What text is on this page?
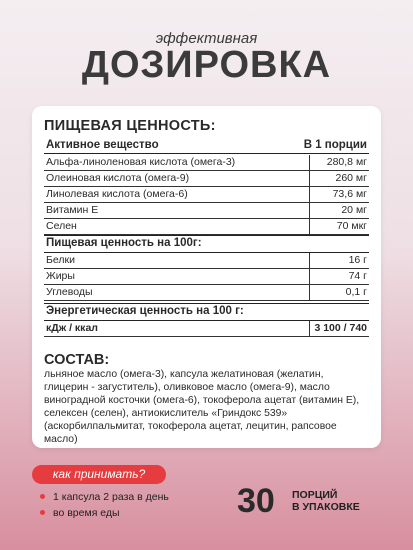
эффективная
ДОЗИРОВКА
ПИЩЕВАЯ ЦЕННОСТЬ:
Активное вещество	В 1 порции
Альфа-линоленовая кислота (омега-3)	280,8 мг
Олеиновая кислота (омега-9)	260 мг
Линолевая кислота (омега-6)	73,6 мг
Витамин Е	20 мг
Селен	70 мкг
Пищевая ценность на 100г:
Белки	16 г
Жиры	74 г
Углеводы	0,1 г
Энергетическая ценность на 100 г:
кДж / ккал	3 100 / 740
СОСТАВ:
льняное масло (омега-3), капсула желатиновая (желатин, глицерин - загуститель), оливковое масло (омега-9), масло виноградной косточки (омега-6), токоферола ацетат (витамин Е), селексен (селен), антиокислитель «Гриндокс 539» (аскорбилпальмитат, токоферола ацетат, лецитин, рапсовое масло)
как принимать?
1 капсула 2 раза в день
во время еды	30 ПОРЦИЙ
В УПАКОВКЕ
